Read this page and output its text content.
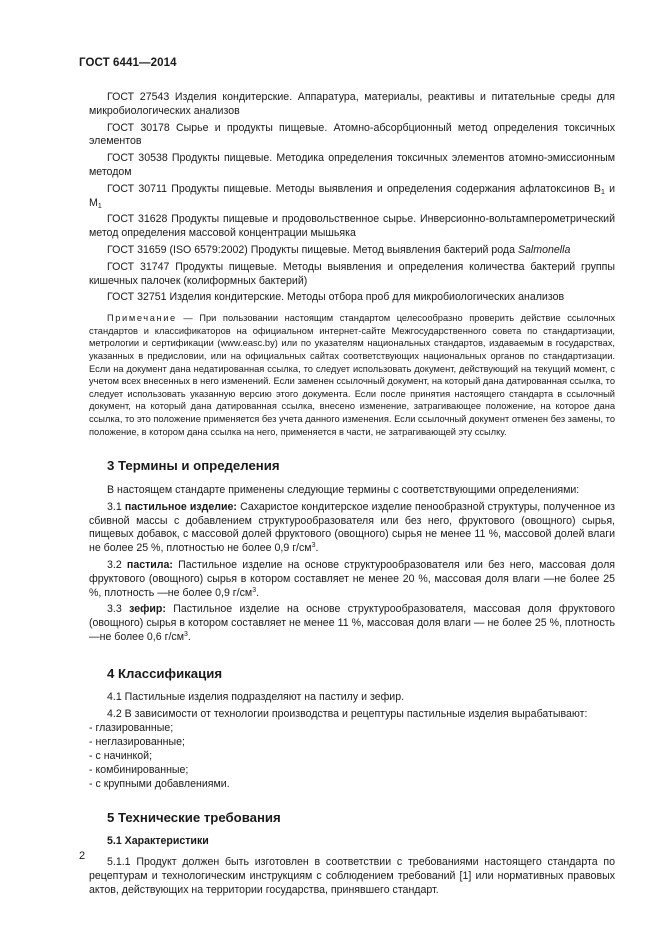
ГОСТ 6441—2014

ГОСТ 27543 Изделия кондитерские. Аппаратура, материалы, реактивы и питательные среды для микробиологических анализов

ГОСТ 30178 Сырье и продукты пищевые. Атомно-абсорбционный метод определения токсичных элементов

ГОСТ 30538 Продукты пищевые. Методика определения токсичных элементов атомно-эмиссионным методом

ГОСТ 30711 Продукты пищевые. Методы выявления и определения содержания афлатоксинов $В_1$ и $М_1$

ГОСТ 31628 Продукты пищевые и продовольственное сырье. Инверсионно-вольтамперометрический метод определения массовой концентрации мышьяка

ГОСТ 31659 (ISO 6579:2002) Продукты пищевые. Метод выявления бактерий рода Salmonella

ГОСТ 31747 Продукты пищевые. Методы выявления и определения количества бактерий группы кишечных палочек (колиформных бактерий)

ГОСТ 32751 Изделия кондитерские. Методы отбора проб для микробиологических анализов

Примечание — При пользовании настоящим стандартом целесообразно проверить действие ссылочных стандартов и классификаторов на официальном интернет-сайте Межгосударственного совета по стандартизации, метрологии и сертификации (www.easc.by) или по указателям национальных стандартов, издаваемым в государствах, указанных в предисловии, или на официальных сайтах соответствующих национальных органов по стандартизации. Если на документ дана недатированная ссылка, то следует использовать документ, действующий на текущий момент, с учетом всех внесенных в него изменений. Если заменен ссылочный документ, на который дана датированная ссылка, то следует использовать указанную версию этого документа. Если после принятия настоящего стандарта в ссылочный документ, на который дана датированная ссылка, внесено изменение, затрагивающее положение, на которое дана ссылка, то это положение применяется без учета данного изменения. Если ссылочный документ отменен без замены, то положение, в котором дана ссылка на него, применяется в части, не затрагивающей эту ссылку.
3 Термины и определения

В настоящем стандарте применены следующие термины с соответствующими определениями:

3.1 пастильное изделие: Сахаристое кондитерское изделие пенообразной структуры, полученное из сбивной массы с добавлением структурообразователя или без него, фруктового (овощного) сырья, пищевых добавок, с массовой долей фруктового (овощного) сырья не менее 11 %, массовой долей влаги не более 25 %, плотностью не более 0,9 $г/см^3$.

3.2 пастила: Пастильное изделие на основе структурообразователя или без него, массовая доля фруктового (овощного) сырья в котором составляет не менее 20 %, массовая доля влаги —не более 25 %, плотность —не более 0,9 $г/см^3$.

3.3 зефир: Пастильное изделие на основе структурообразователя, массовая доля фруктового (овощного) сырья в котором составляет не менее 11 %, массовая доля влаги — не более 25 %, плотность —не более 0,6 $г/см^3$.

4 Классификация

4.1 Пастильные изделия подразделяют на пастилу и зефир.

4.2 В зависимости от технологии производства и рецептуры пастильные изделия вырабатывают:

- глазированные;

- неглазированные;

- с начинкой;

- комбинированные;

- с крупными добавлениями.

5 Технические требования
5.1 Характеристики

5.1.1 Продукт должен быть изготовлен в соответствии с требованиями настоящего стандарта по рецептурам и технологическим инструкциям с соблюдением требований [1] или нормативных правовых актов, действующих на территории государства, принявшего стандарт.

2
